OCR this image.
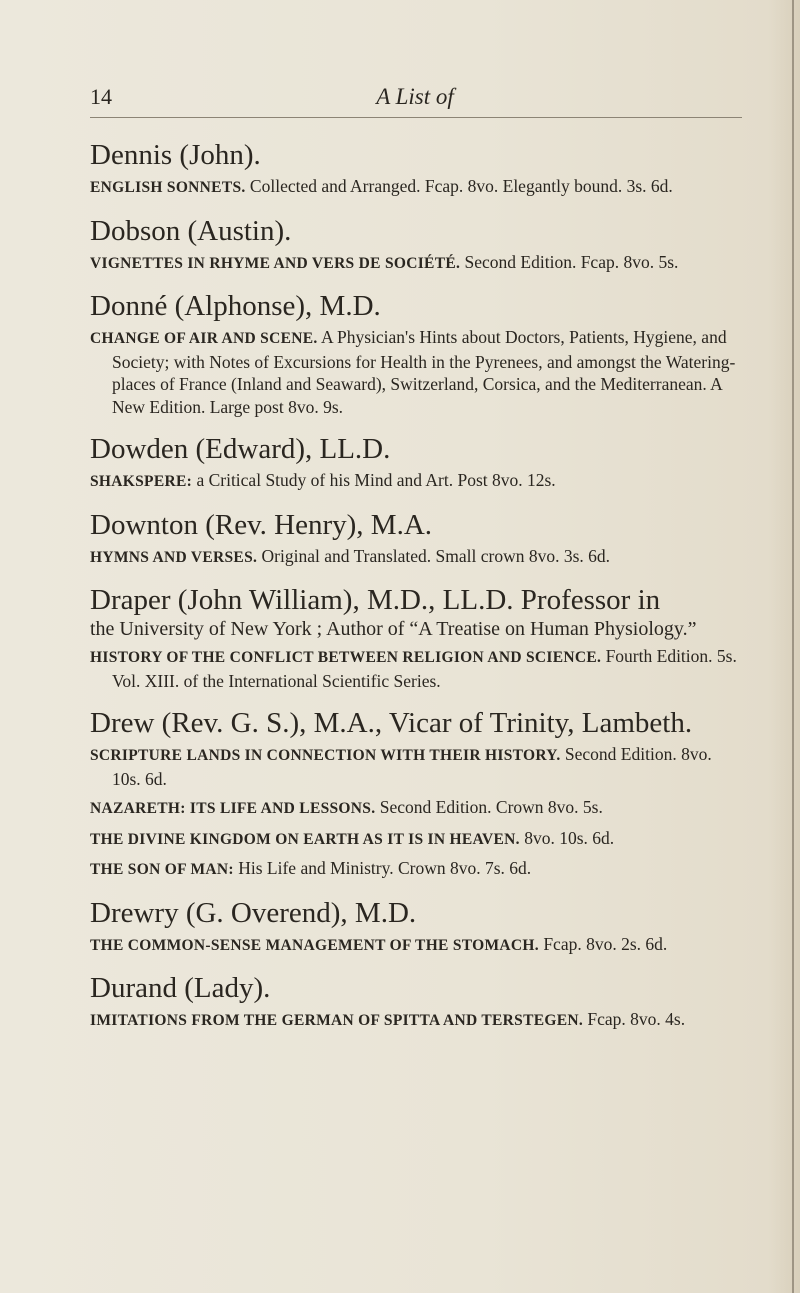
14	A List of
Dennis (John).

ENGLISH SONNETS. Collected and Arranged. Fcap. 8vo. Elegantly bound. 3s. 6d.

Dobson (Austin).

VIGNETTES IN RHYME AND VERS DE SOCIÉTÉ. Second Edition. Fcap. 8vo. 5s.

Donné (Alphonse), M.D.

CHANGE OF AIR AND SCENE. A Physician's Hints about Doctors, Patients, Hygiene, and Society; with Notes of Excursions for Health in the Pyrenees, and amongst the Watering-places of France (Inland and Seaward), Switzerland, Corsica, and the Mediterranean. A New Edition. Large post 8vo. 9s.

Dowden (Edward), LL.D.

SHAKSPERE: a Critical Study of his Mind and Art. Post 8vo. 12s.

Downton (Rev. Henry), M.A.

HYMNS AND VERSES. Original and Translated. Small crown 8vo. 3s. 6d.

Draper (John William), M.D., LL.D. Professor in

the University of New York ; Author of “A Treatise on Human Physiology.”

HISTORY OF THE CONFLICT BETWEEN RELIGION AND SCIENCE. Fourth Edition. 5s. Vol. XIII. of the International Scientific Series.

Drew (Rev. G. S.), M.A., Vicar of Trinity, Lambeth.

SCRIPTURE LANDS IN CONNECTION WITH THEIR HISTORY. Second Edition. 8vo. 10s. 6d.

NAZARETH: ITS LIFE AND LESSONS. Second Edition. Crown 8vo. 5s.

THE DIVINE KINGDOM ON EARTH AS IT IS IN HEAVEN. 8vo. 10s. 6d.

THE SON OF MAN: His Life and Ministry. Crown 8vo. 7s. 6d.

Drewry (G. Overend), M.D.

THE COMMON-SENSE MANAGEMENT OF THE STOMACH. Fcap. 8vo. 2s. 6d.

Durand (Lady).

IMITATIONS FROM THE GERMAN OF SPITTA AND TERSTEGEN. Fcap. 8vo. 4s.
